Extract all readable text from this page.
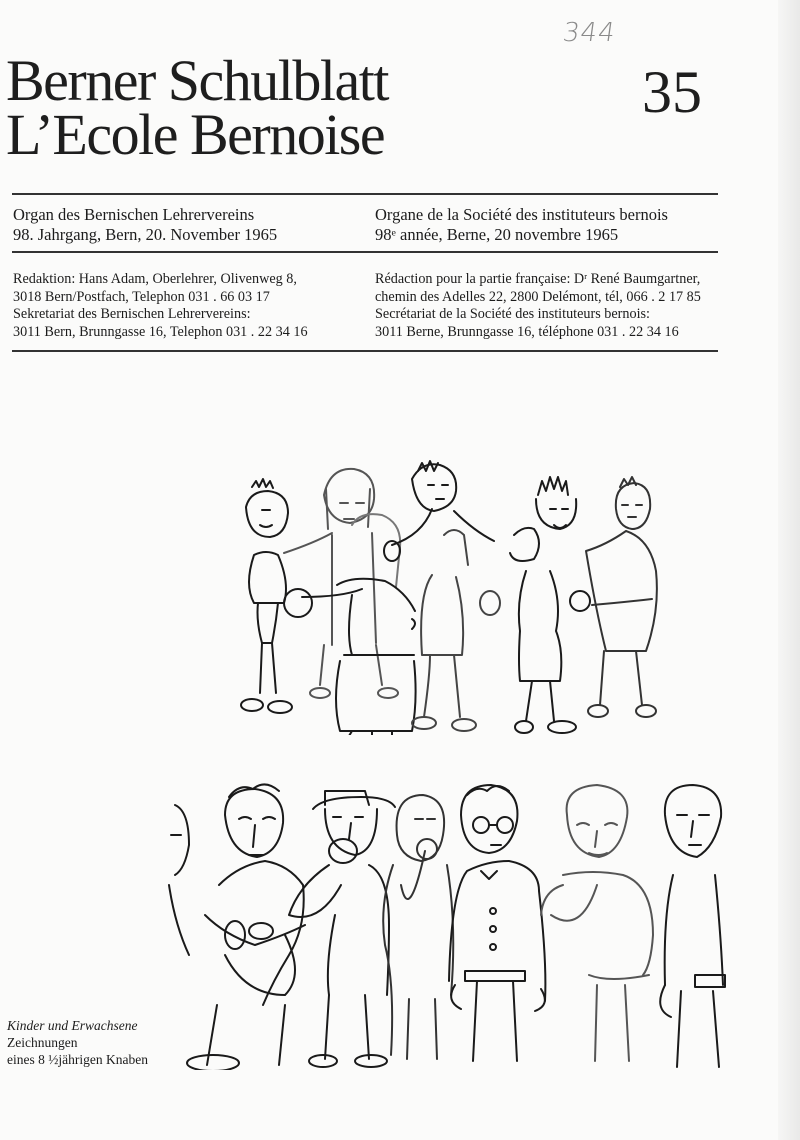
344
Berner Schulblatt
L’Ecole Bernoise
35
Organ des Bernischen Lehrervereins
98. Jahrgang, Bern, 20. November 1965
Organe de la Société des instituteurs bernois
98e année, Berne, 20 novembre 1965
Redaktion: Hans Adam, Oberlehrer, Olivenweg 8,
3018 Bern/Postfach, Telephon 031 . 66 03 17
Sekretariat des Bernischen Lehrervereins:
3011 Bern, Brunngasse 16, Telephon 031 . 22 34 16
Rédaction pour la partie française: $D^r$ René Baumgartner,
chemin des Adelles 22, 2800 Delémont, tél, 066 . 2 17 85
Secrétariat de la Société des instituteurs bernois:
3011 Berne, Brunngasse 16, téléphone 031 . 22 34 16
Kinder und Erwachsene
Zeichnungen
eines 8 ½jährigen Knaben
